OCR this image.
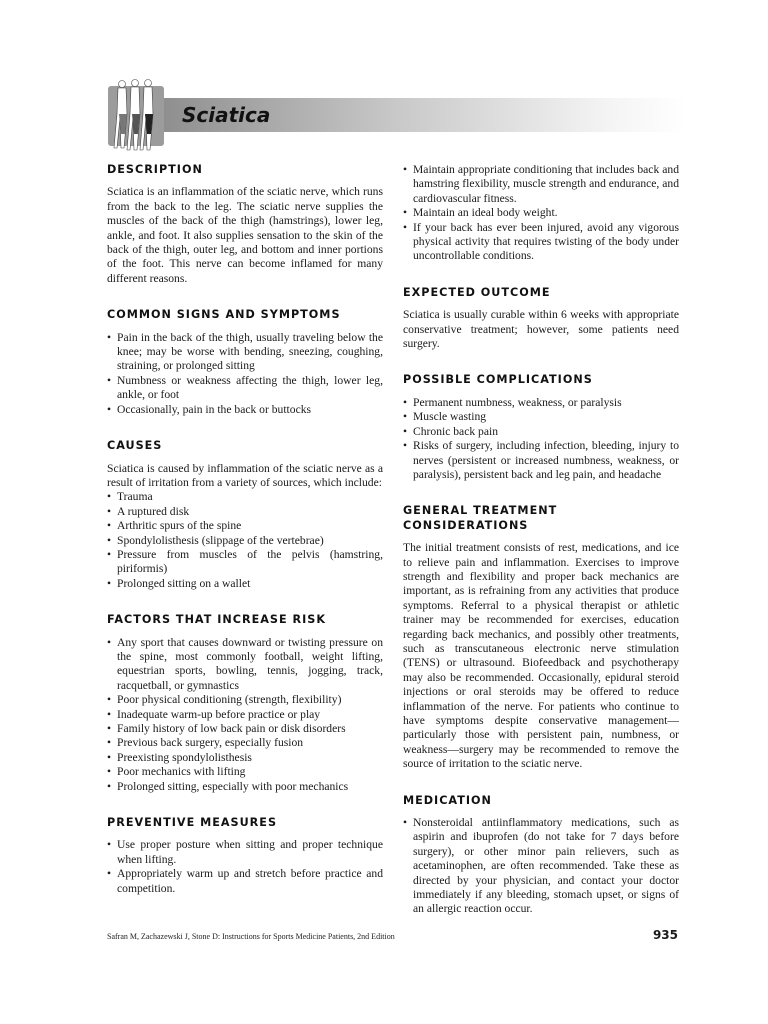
Sciatica
DESCRIPTION

Sciatica is an inflammation of the sciatic nerve, which runs from the back to the leg. The sciatic nerve supplies the muscles of the back of the thigh (hamstrings), lower leg, ankle, and foot. It also supplies sensation to the skin of the back of the thigh, outer leg, and bottom and inner portions of the foot. This nerve can become inflamed for many different reasons.

COMMON SIGNS AND SYMPTOMS
• Pain in the back of the thigh, usually traveling below the knee; may be worse with bending, sneezing, coughing, straining, or prolonged sitting
• Numbness or weakness affecting the thigh, lower leg, ankle, or foot
• Occasionally, pain in the back or buttocks
CAUSES

Sciatica is caused by inflammation of the sciatic nerve as a result of irritation from a variety of sources, which include:

• Trauma
• A ruptured disk
• Arthritic spurs of the spine
• Spondylolisthesis (slippage of the vertebrae)
• Pressure from muscles of the pelvis (hamstring, piriformis)
• Prolonged sitting on a wallet
FACTORS THAT INCREASE RISK
• Any sport that causes downward or twisting pressure on the spine, most commonly football, weight lifting, equestrian sports, bowling, tennis, jogging, track, racquetball, or gymnastics
• Poor physical conditioning (strength, flexibility)
• Inadequate warm-up before practice or play
• Family history of low back pain or disk disorders
• Previous back surgery, especially fusion
• Preexisting spondylolisthesis
• Poor mechanics with lifting
• Prolonged sitting, especially with poor mechanics
PREVENTIVE MEASURES
• Use proper posture when sitting and proper technique when lifting.
• Appropriately warm up and stretch before practice and competition.
• Maintain appropriate conditioning that includes back and hamstring flexibility, muscle strength and endurance, and cardiovascular fitness.
• Maintain an ideal body weight.
• If your back has ever been injured, avoid any vigorous physical activity that requires twisting of the body under uncontrollable conditions.
EXPECTED OUTCOME

Sciatica is usually curable within 6 weeks with appropriate conservative treatment; however, some patients need surgery.

POSSIBLE COMPLICATIONS
• Permanent numbness, weakness, or paralysis
• Muscle wasting
• Chronic back pain
• Risks of surgery, including infection, bleeding, injury to nerves (persistent or increased numbness, weakness, or paralysis), persistent back and leg pain, and headache
GENERAL TREATMENT CONSIDERATIONS

The initial treatment consists of rest, medications, and ice to relieve pain and inflammation. Exercises to improve strength and flexibility and proper back mechanics are important, as is refraining from any activities that produce symptoms. Referral to a physical therapist or athletic trainer may be recommended for exercises, education regarding back mechanics, and possibly other treatments, such as transcutaneous electronic nerve stimulation (TENS) or ultrasound. Biofeedback and psychotherapy may also be recommended. Occasionally, epidural steroid injections or oral steroids may be offered to reduce inflammation of the nerve. For patients who continue to have symptoms despite conservative management—particularly those with persistent pain, numbness, or weakness—surgery may be recommended to remove the source of irritation to the sciatic nerve.

MEDICATION
• Nonsteroidal antiinflammatory medications, such as aspirin and ibuprofen (do not take for 7 days before surgery), or other minor pain relievers, such as acetaminophen, are often recommended. Take these as directed by your physician, and contact your doctor immediately if any bleeding, stomach upset, or signs of an allergic reaction occur.
Safran M, Zachazewski J, Stone D: Instructions for Sports Medicine Patients, 2nd Edition	935
